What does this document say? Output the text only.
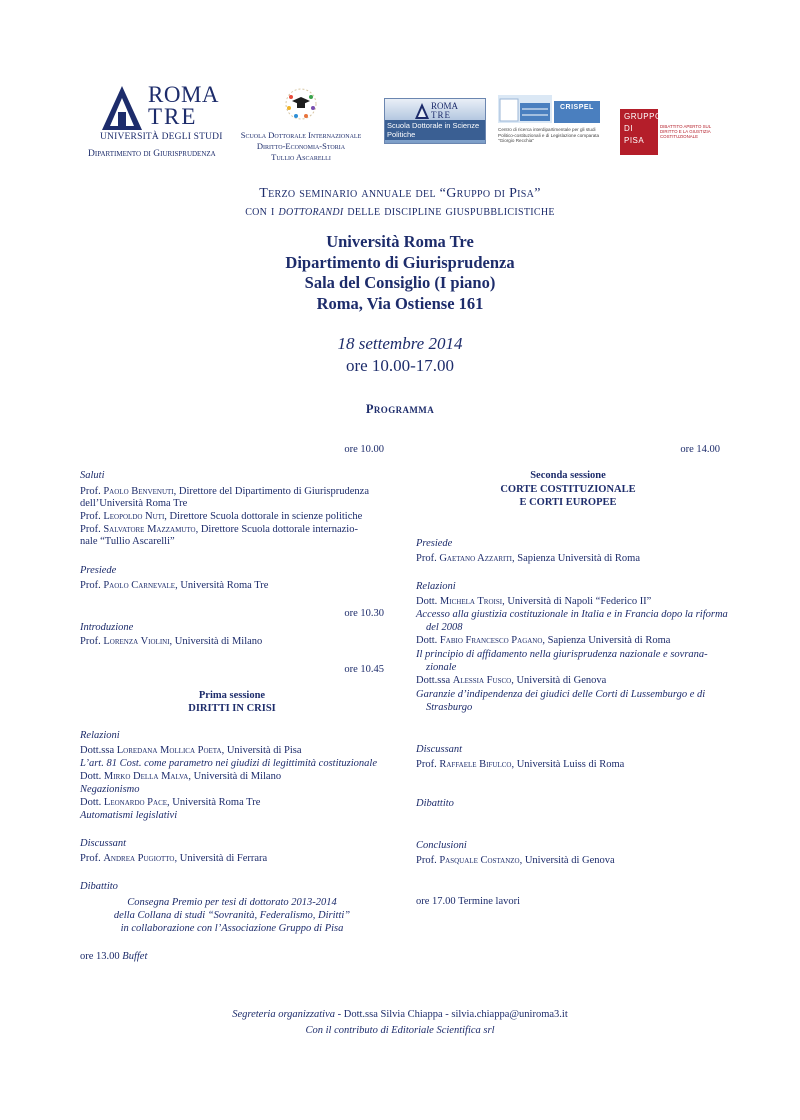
ROMA
TRE
UNIVERSITÀ DEGLI STUDI
Dipartimento di Giurisprudenza
Scuola Dottorale Internazionale
Diritto-Economia-Storia
Tullio Ascarelli
ROMA
TRE
Scuola Dottorale in Scienze Politiche
CRISPEL
Centro di ricerca interdipartimentale per gli studi Politico-costituzionali e di Legislazione comparata "Giorgio Recchia"
GRUPPO
DI
PISA
DIBATTITO APERTO SUL DIRITTO E LA GIUSTIZIA COSTITUZIONALE
Terzo seminario annuale del “Gruppo di Pisa”
con i dottorandi delle discipline giuspubblicistiche
Università Roma Tre
Dipartimento di Giurisprudenza
Sala del Consiglio (I piano)
Roma, Via Ostiense 161
18 settembre 2014
ore 10.00-17.00
Programma
ore 10.00
Saluti
Prof. Paolo Benvenuti, Direttore del Dipartimento di Giurisprudenza
dell’Università Roma Tre
Prof. Leopoldo Nuti, Direttore Scuola dottorale in scienze politiche
Prof. Salvatore Mazzamuto, Direttore Scuola dottorale internazio-
nale “Tullio Ascarelli”
Presiede
Prof. Paolo Carnevale, Università Roma Tre
ore 10.30
Introduzione
Prof. Lorenza Violini, Università di Milano
ore 10.45
Prima sessione
DIRITTI IN CRISI
Relazioni
Dott.ssa Loredana Mollica Poeta, Università di Pisa
L’art. 81 Cost. come parametro nei giudizi di legittimità costituzionale
Dott. Mirko Della Malva, Università di Milano
Negazionismo
Dott. Leonardo Pace, Università Roma Tre
Automatismi legislativi
Discussant
Prof. Andrea Pugiotto, Università di Ferrara
Dibattito
Consegna Premio per tesi di dottorato 2013-2014
della Collana di studi “Sovranità, Federalismo, Diritti”
in collaborazione con l’Associazione Gruppo di Pisa
ore 13.00 Buffet
ore 14.00
Seconda sessione
CORTE COSTITUZIONALE
E CORTI EUROPEE
Presiede
Prof. Gaetano Azzariti, Sapienza Università di Roma
Relazioni
Dott. Michela Troisi, Università di Napoli “Federico II”
Accesso alla giustizia costituzionale in Italia e in Francia dopo la riforma
del 2008
Dott. Fabio Francesco Pagano, Sapienza Università di Roma
Il principio di affidamento nella giurisprudenza nazionale e sovrana-
zionale
Dott.ssa Alessia Fusco, Università di Genova
Garanzie d’indipendenza dei giudici delle Corti di Lussemburgo e di
Strasburgo
Discussant
Prof. Raffaele Bifulco, Università Luiss di Roma
Dibattito
Conclusioni
Prof. Pasquale Costanzo, Università di Genova
ore 17.00 Termine lavori
Segreteria organizzativa - Dott.ssa Silvia Chiappa - silvia.chiappa@uniroma3.it
Con il contributo di Editoriale Scientifica srl
